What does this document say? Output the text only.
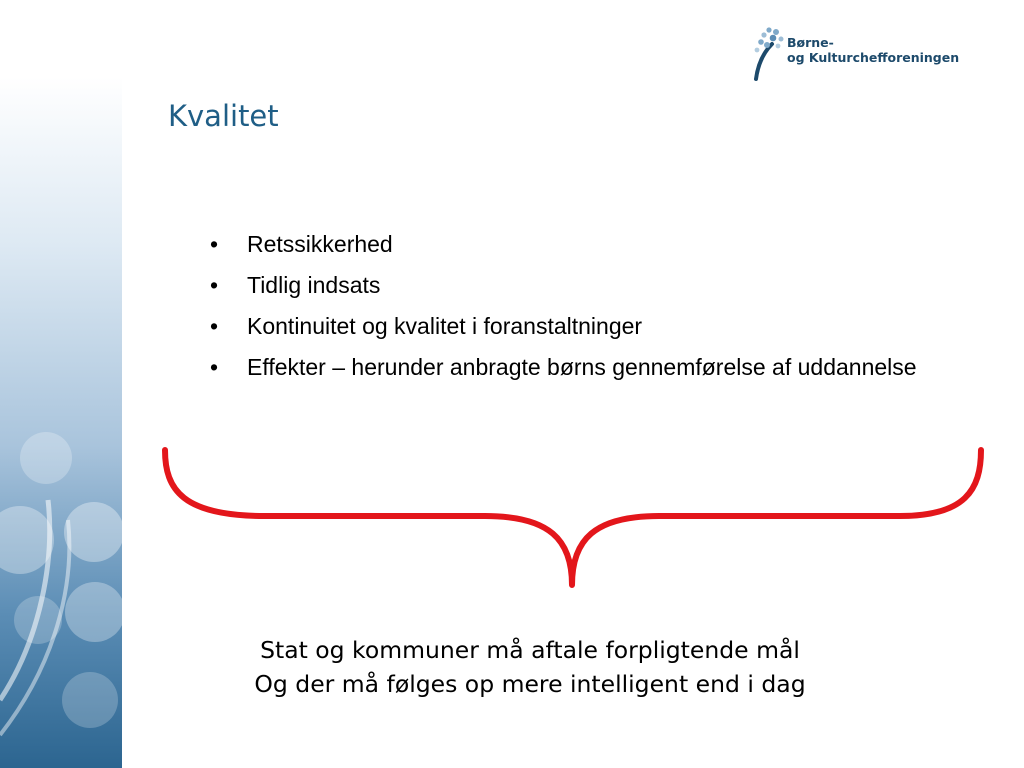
Børne-
og Kulturchefforeningen
Kvalitet
• Retssikkerhed
• Tidlig indsats
• Kontinuitet og kvalitet i foranstaltninger
• Effekter – herunder anbragte børns gennemførelse af uddannelse
Stat og kommuner må aftale forpligtende mål
Og der må følges op mere intelligent end i dag
